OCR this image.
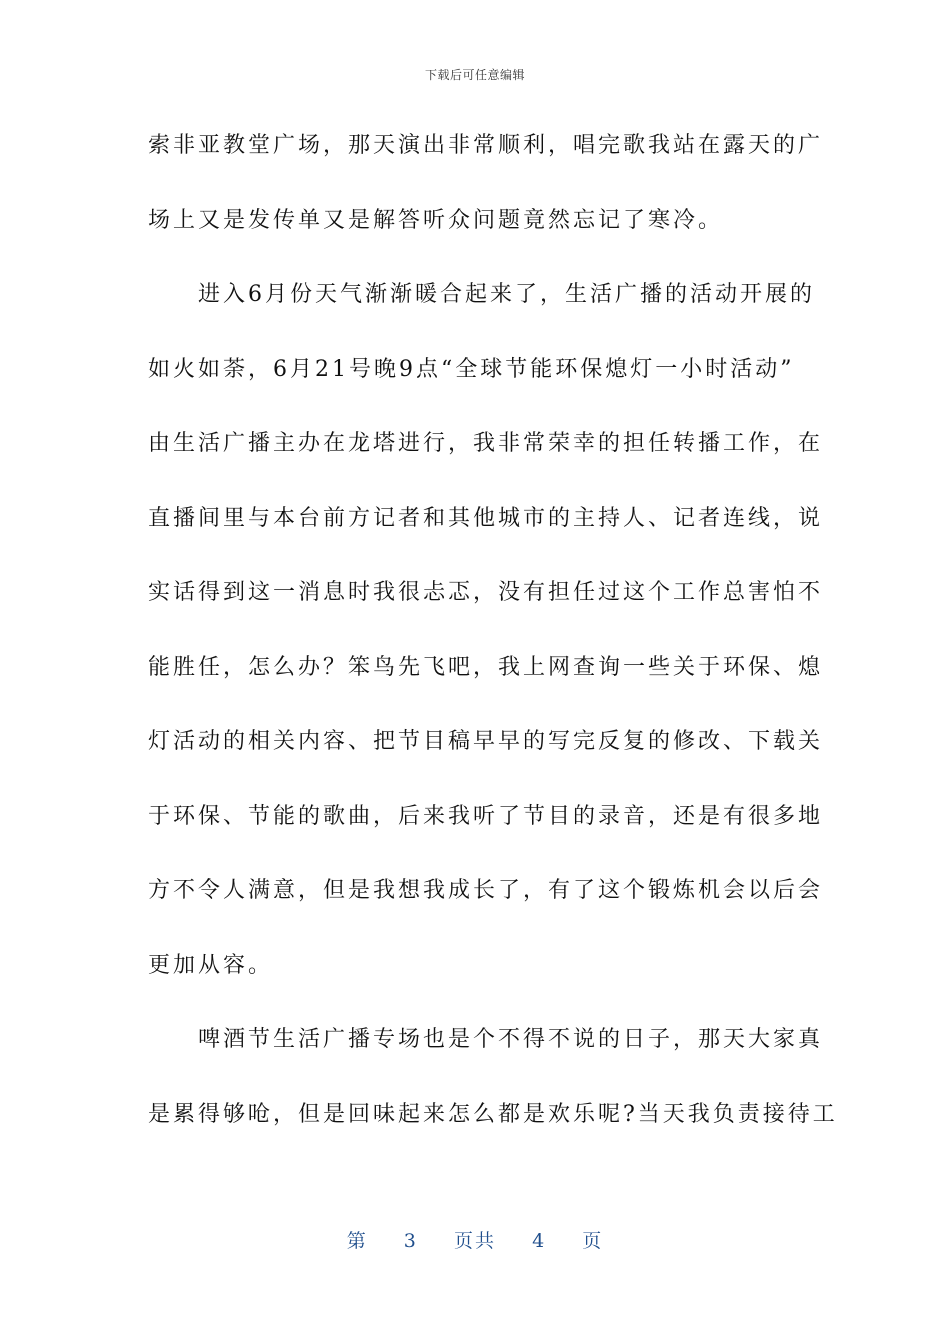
下载后可任意编辑
索非亚教堂广场，那天演出非常顺利，唱完歌我站在露天的广
场上又是发传单又是解答听众问题竟然忘记了寒冷。
　　进入6月份天气渐渐暖合起来了，生活广播的活动开展的
如火如荼，6月21号晚9点“全球节能环保熄灯一小时活动”
由生活广播主办在龙塔进行，我非常荣幸的担任转播工作，在
直播间里与本台前方记者和其他城市的主持人、记者连线，说
实话得到这一消息时我很忐忑，没有担任过这个工作总害怕不
能胜任，怎么办？笨鸟先飞吧，我上网查询一些关于环保、熄
灯活动的相关内容、把节目稿早早的写完反复的修改、下载关
于环保、节能的歌曲，后来我听了节目的录音，还是有很多地
方不令人满意，但是我想我成长了，有了这个锻炼机会以后会
更加从容。
　　啤酒节生活广播专场也是个不得不说的日子，那天大家真
是累得够呛，但是回味起来怎么都是欢乐呢?当天我负责接待工
第 3 页共 4 页
